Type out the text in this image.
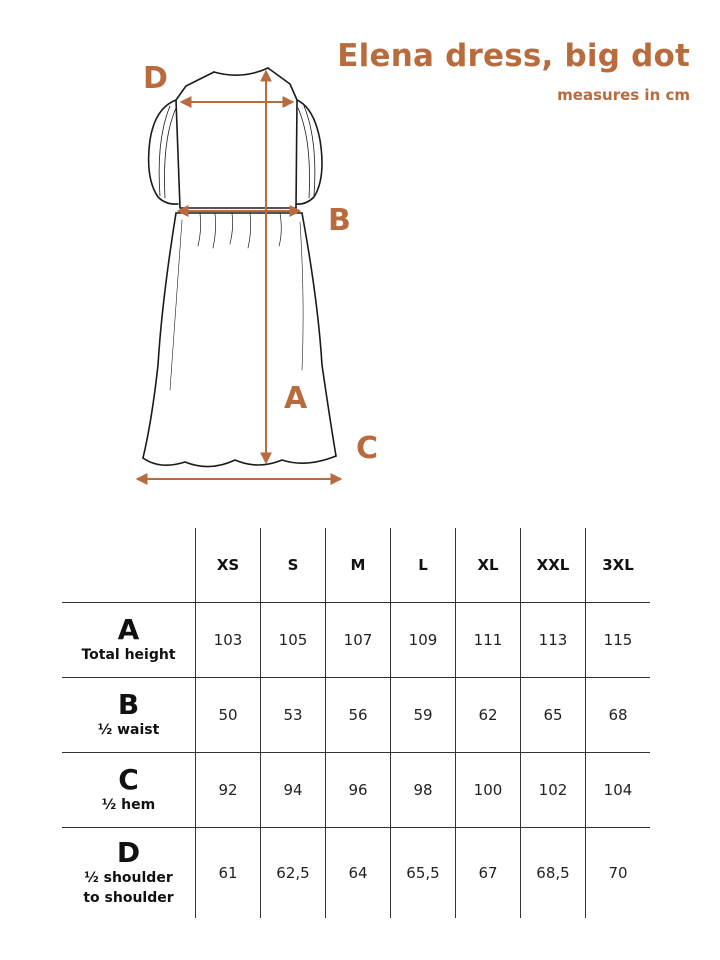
Elena dress, big dot
measures in cm
D
B
A
C
	XS	S	M	L	XL	XXL	3XL

A
Total height	103	105	107	109	111	113	115

B
½ waist	50	53	56	59	62	65	68

C
½ hem	92	94	96	98	100	102	104

D
½ shoulder
to shoulder	61	62,5	64	65,5	67	68,5	70
